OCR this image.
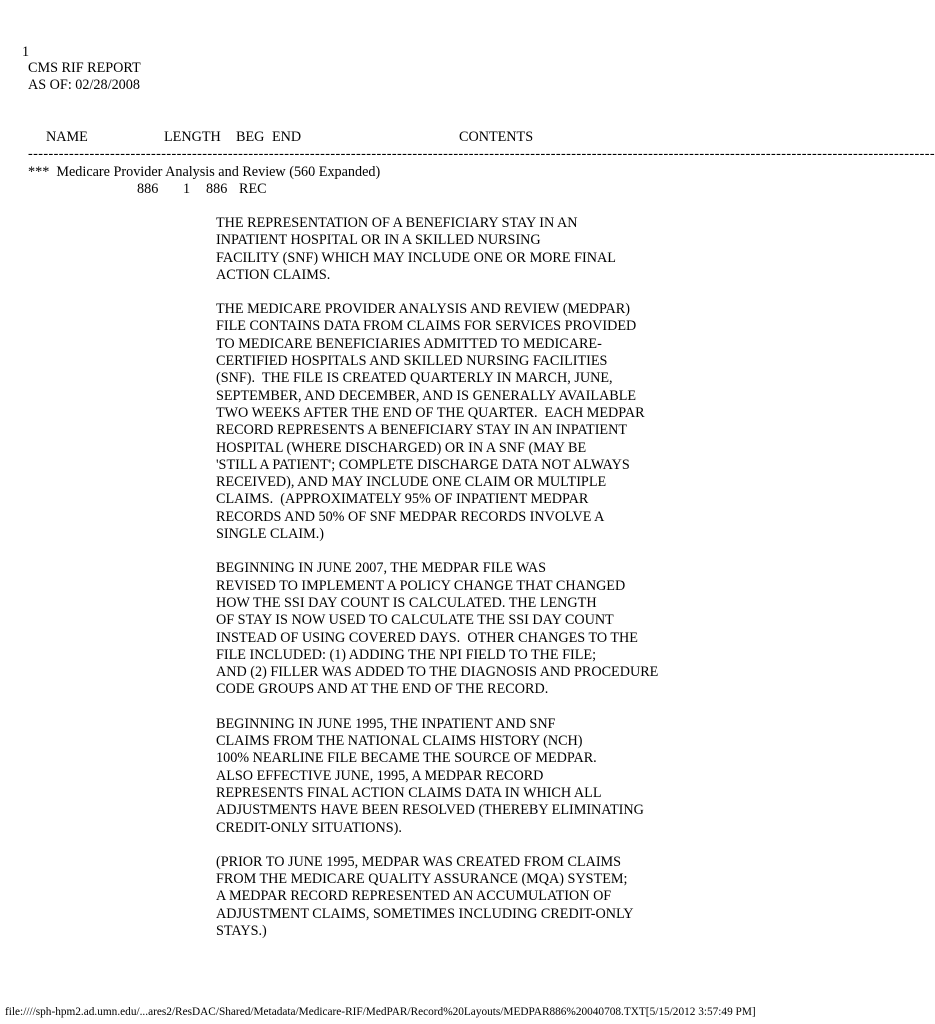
1
CMS RIF REPORT
AS OF: 02/28/2008
NAME	LENGTH BEG END	CONTENTS
---------------------------------------------------------------------------------------------------------------------------------------------------------------------------------
***  Medicare Provider Analysis and Review (560 Expanded)
886 1 886 REC
THE REPRESENTATION OF A BENEFICIARY STAY IN AN
INPATIENT HOSPITAL OR IN A SKILLED NURSING
FACILITY (SNF) WHICH MAY INCLUDE ONE OR MORE FINAL
ACTION CLAIMS.
THE MEDICARE PROVIDER ANALYSIS AND REVIEW (MEDPAR)
FILE CONTAINS DATA FROM CLAIMS FOR SERVICES PROVIDED
TO MEDICARE BENEFICIARIES ADMITTED TO MEDICARE-
CERTIFIED HOSPITALS AND SKILLED NURSING FACILITIES
(SNF).  THE FILE IS CREATED QUARTERLY IN MARCH, JUNE,
SEPTEMBER, AND DECEMBER, AND IS GENERALLY AVAILABLE
TWO WEEKS AFTER THE END OF THE QUARTER.  EACH MEDPAR
RECORD REPRESENTS A BENEFICIARY STAY IN AN INPATIENT
HOSPITAL (WHERE DISCHARGED) OR IN A SNF (MAY BE
'STILL A PATIENT'; COMPLETE DISCHARGE DATA NOT ALWAYS
RECEIVED), AND MAY INCLUDE ONE CLAIM OR MULTIPLE
CLAIMS.  (APPROXIMATELY 95% OF INPATIENT MEDPAR
RECORDS AND 50% OF SNF MEDPAR RECORDS INVOLVE A
SINGLE CLAIM.)
BEGINNING IN JUNE 2007, THE MEDPAR FILE WAS
REVISED TO IMPLEMENT A POLICY CHANGE THAT CHANGED
HOW THE SSI DAY COUNT IS CALCULATED. THE LENGTH
OF STAY IS NOW USED TO CALCULATE THE SSI DAY COUNT
INSTEAD OF USING COVERED DAYS.  OTHER CHANGES TO THE
FILE INCLUDED: (1) ADDING THE NPI FIELD TO THE FILE;
AND (2) FILLER WAS ADDED TO THE DIAGNOSIS AND PROCEDURE
CODE GROUPS AND AT THE END OF THE RECORD.
BEGINNING IN JUNE 1995, THE INPATIENT AND SNF
CLAIMS FROM THE NATIONAL CLAIMS HISTORY (NCH)
100% NEARLINE FILE BECAME THE SOURCE OF MEDPAR.
ALSO EFFECTIVE JUNE, 1995, A MEDPAR RECORD
REPRESENTS FINAL ACTION CLAIMS DATA IN WHICH ALL
ADJUSTMENTS HAVE BEEN RESOLVED (THEREBY ELIMINATING
CREDIT-ONLY SITUATIONS).
(PRIOR TO JUNE 1995, MEDPAR WAS CREATED FROM CLAIMS
FROM THE MEDICARE QUALITY ASSURANCE (MQA) SYSTEM;
A MEDPAR RECORD REPRESENTED AN ACCUMULATION OF
ADJUSTMENT CLAIMS, SOMETIMES INCLUDING CREDIT-ONLY
STAYS.)
file:////sph-hpm2.ad.umn.edu/...ares2/ResDAC/Shared/Metadata/Medicare-RIF/MedPAR/Record%20Layouts/MEDPAR886%20040708.TXT[5/15/2012 3:57:49 PM]
